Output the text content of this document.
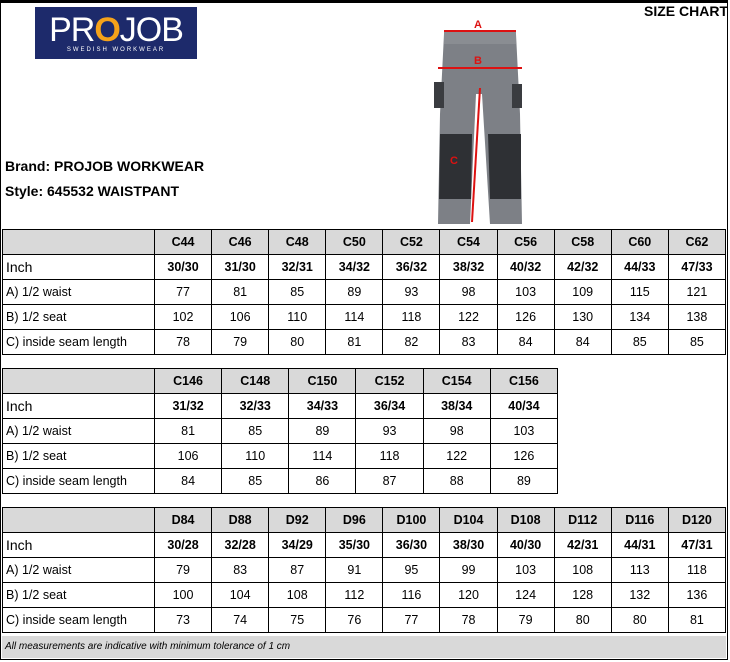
PROJOB
SWEDISH WORKWEAR
SIZE CHART
Brand: PROJOB WORKWEAR
Style: 645532 WAISTPANT
A
B
C
	C44	C46	C48	C50	C52	C54	C56	C58	C60	C62
Inch	30/30	31/30	32/31	34/32	36/32	38/32	40/32	42/32	44/33	47/33
A) 1/2 waist	77	81	85	89	93	98	103	109	115	121
B) 1/2 seat	102	106	110	114	118	122	126	130	134	138
C) inside seam length	78	79	80	81	82	83	84	84	85	85
	C146	C148	C150	C152	C154	C156
Inch	31/32	32/33	34/33	36/34	38/34	40/34
A) 1/2 waist	81	85	89	93	98	103
B) 1/2 seat	106	110	114	118	122	126
C) inside seam length	84	85	86	87	88	89
	D84	D88	D92	D96	D100	D104	D108	D112	D116	D120
Inch	30/28	32/28	34/29	35/30	36/30	38/30	40/30	42/31	44/31	47/31
A) 1/2 waist	79	83	87	91	95	99	103	108	113	118
B) 1/2 seat	100	104	108	112	116	120	124	128	132	136
C) inside seam length	73	74	75	76	77	78	79	80	80	81
All measurements are indicative with minimum tolerance of 1 cm
